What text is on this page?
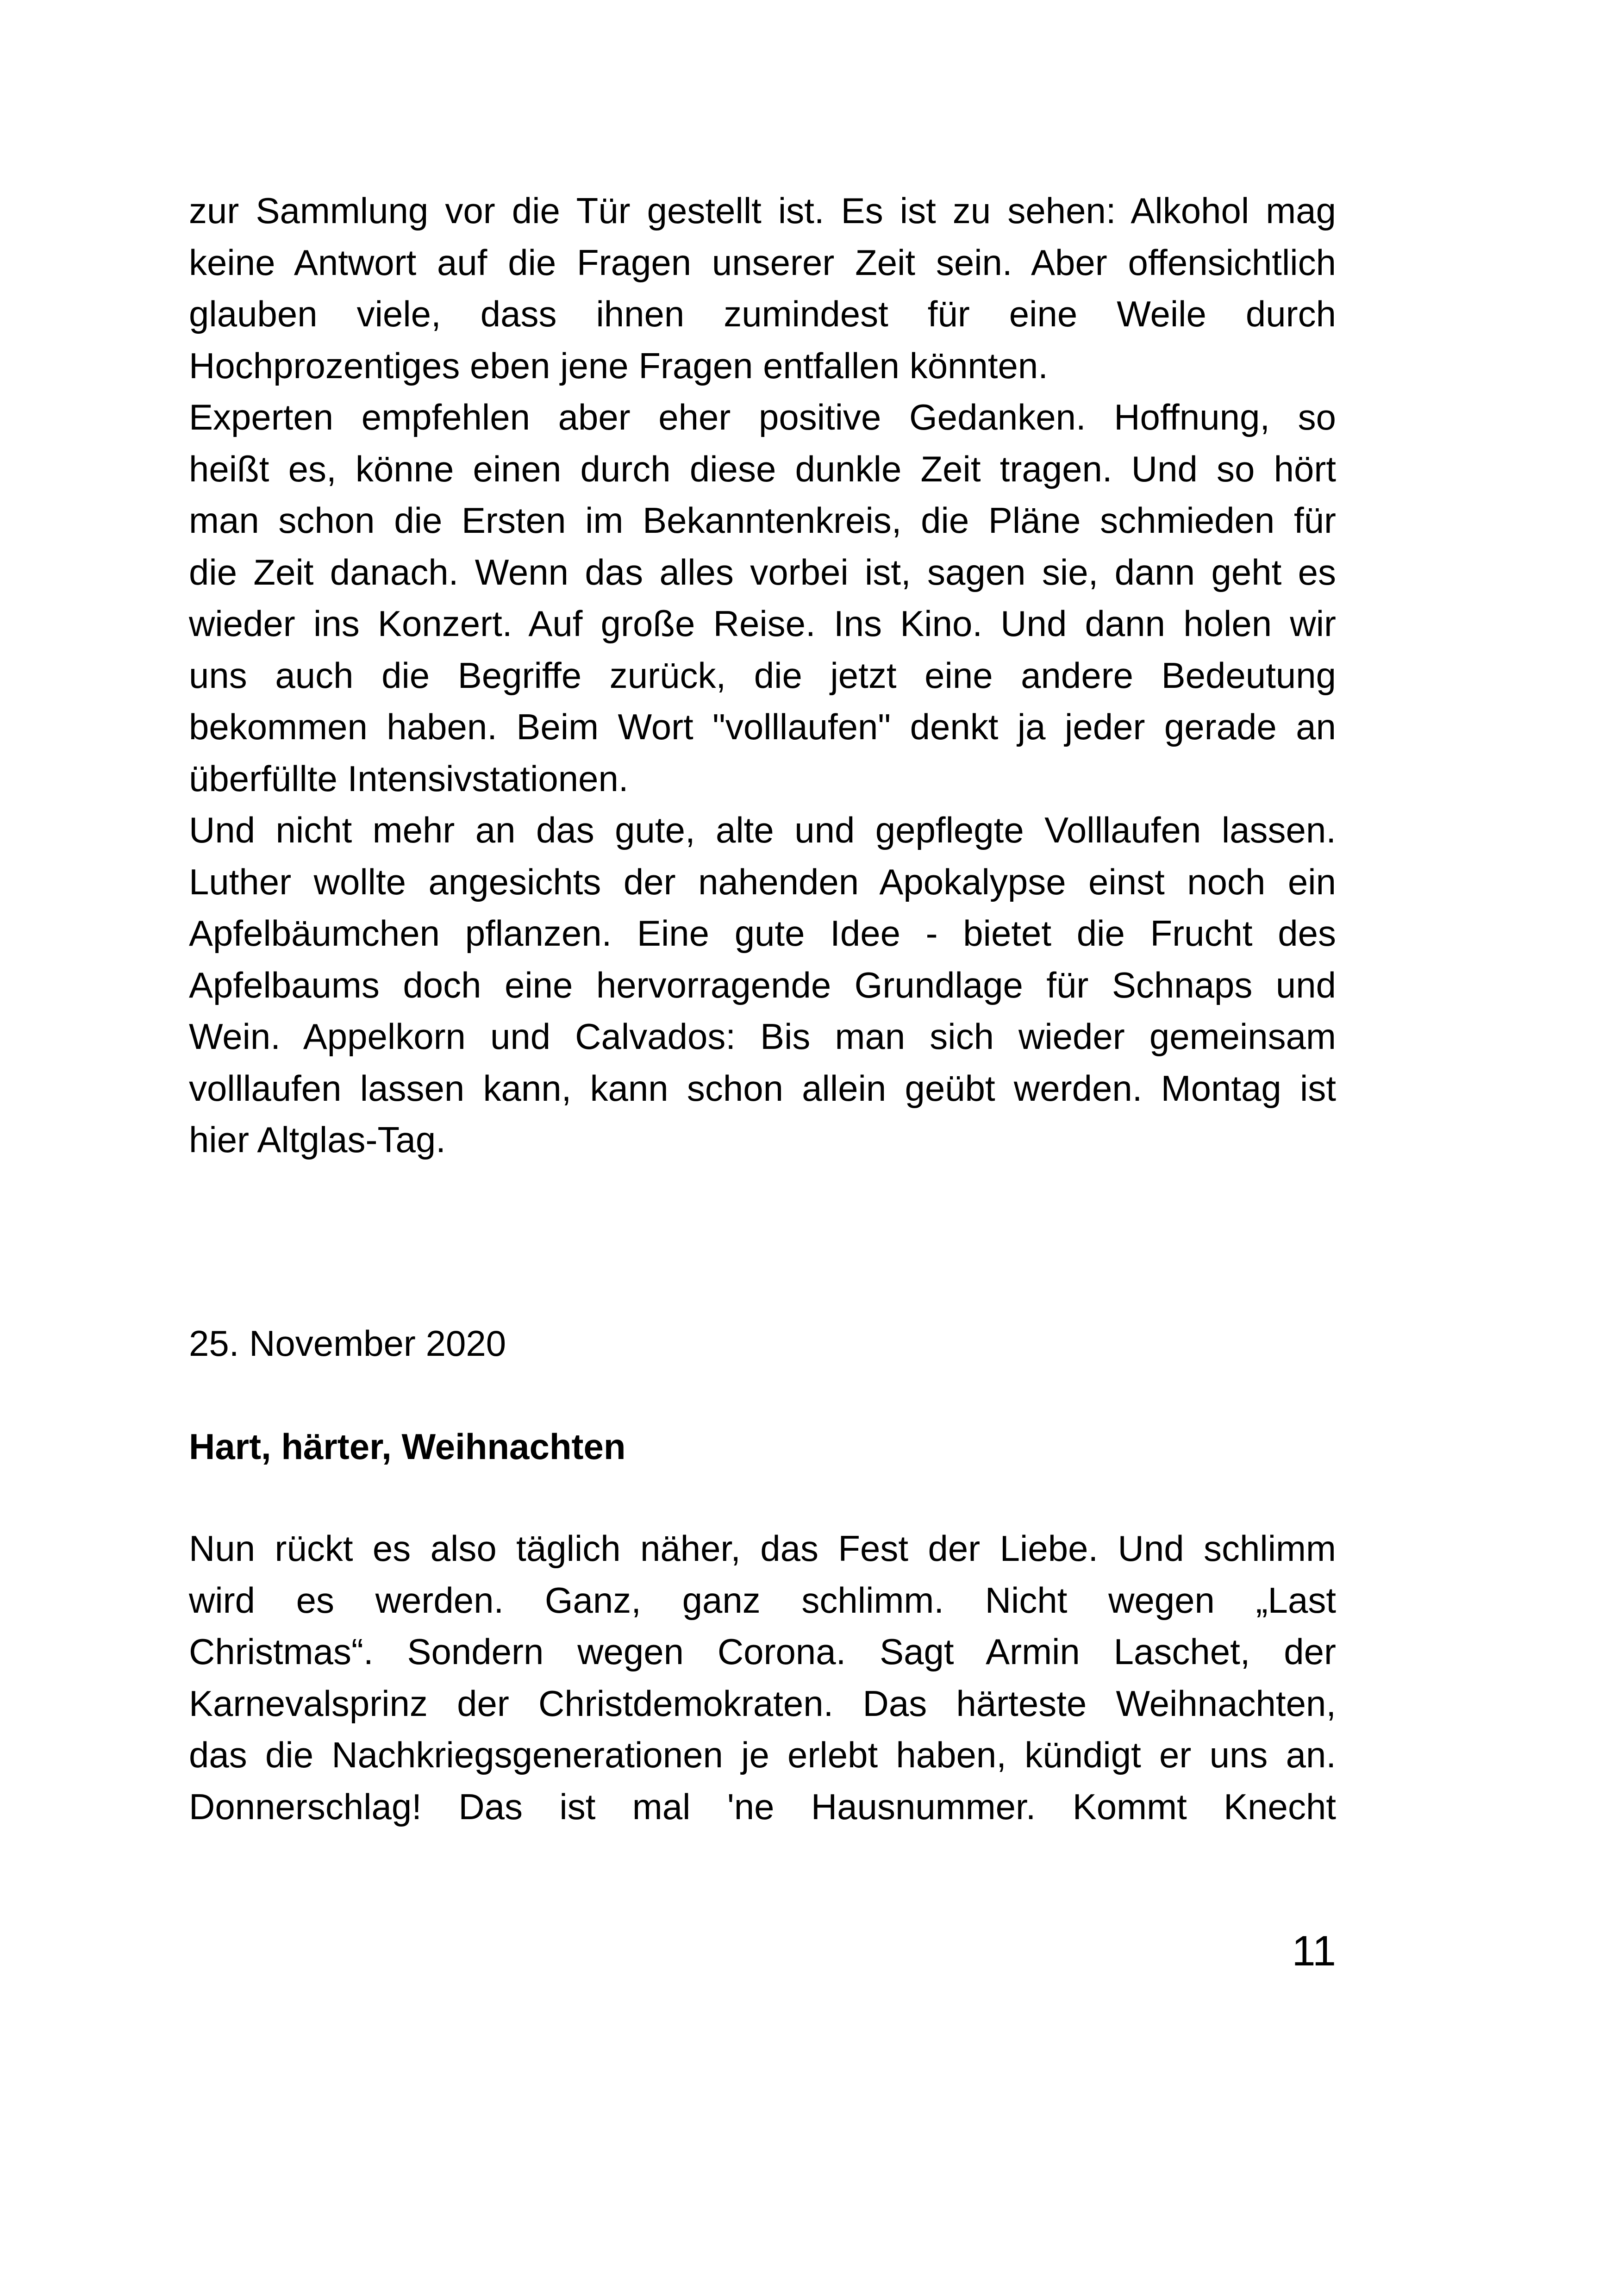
zur Sammlung vor die Tür gestellt ist. Es ist zu sehen: Alkohol mag
keine Antwort auf die Fragen unserer Zeit sein. Aber offensichtlich
glauben viele, dass ihnen zumindest für eine Weile durch
Hochprozentiges eben jene Fragen entfallen könnten.
Experten empfehlen aber eher positive Gedanken. Hoffnung, so
heißt es, könne einen durch diese dunkle Zeit tragen. Und so hört
man schon die Ersten im Bekanntenkreis, die Pläne schmieden für
die Zeit danach. Wenn das alles vorbei ist, sagen sie, dann geht es
wieder ins Konzert. Auf große Reise. Ins Kino. Und dann holen wir
uns auch die Begriffe zurück, die jetzt eine andere Bedeutung
bekommen haben. Beim Wort "volllaufen" denkt ja jeder gerade an
überfüllte Intensivstationen.
Und nicht mehr an das gute, alte und gepflegte Volllaufen lassen.
Luther wollte angesichts der nahenden Apokalypse einst noch ein
Apfelbäumchen pflanzen. Eine gute Idee - bietet die Frucht des
Apfelbaums doch eine hervorragende Grundlage für Schnaps und
Wein. Appelkorn und Calvados: Bis man sich wieder gemeinsam
volllaufen lassen kann, kann schon allein geübt werden. Montag ist
hier Altglas-Tag.
25. November 2020
Hart, härter, Weihnachten
Nun rückt es also täglich näher, das Fest der Liebe. Und schlimm
wird es werden. Ganz, ganz schlimm. Nicht wegen „Last
Christmas“. Sondern wegen Corona. Sagt Armin Laschet, der
Karnevalsprinz der Christdemokraten. Das härteste Weihnachten,
das die Nachkriegsgenerationen je erlebt haben, kündigt er uns an.
Donnerschlag! Das ist mal 'ne Hausnummer. Kommt Knecht
11
